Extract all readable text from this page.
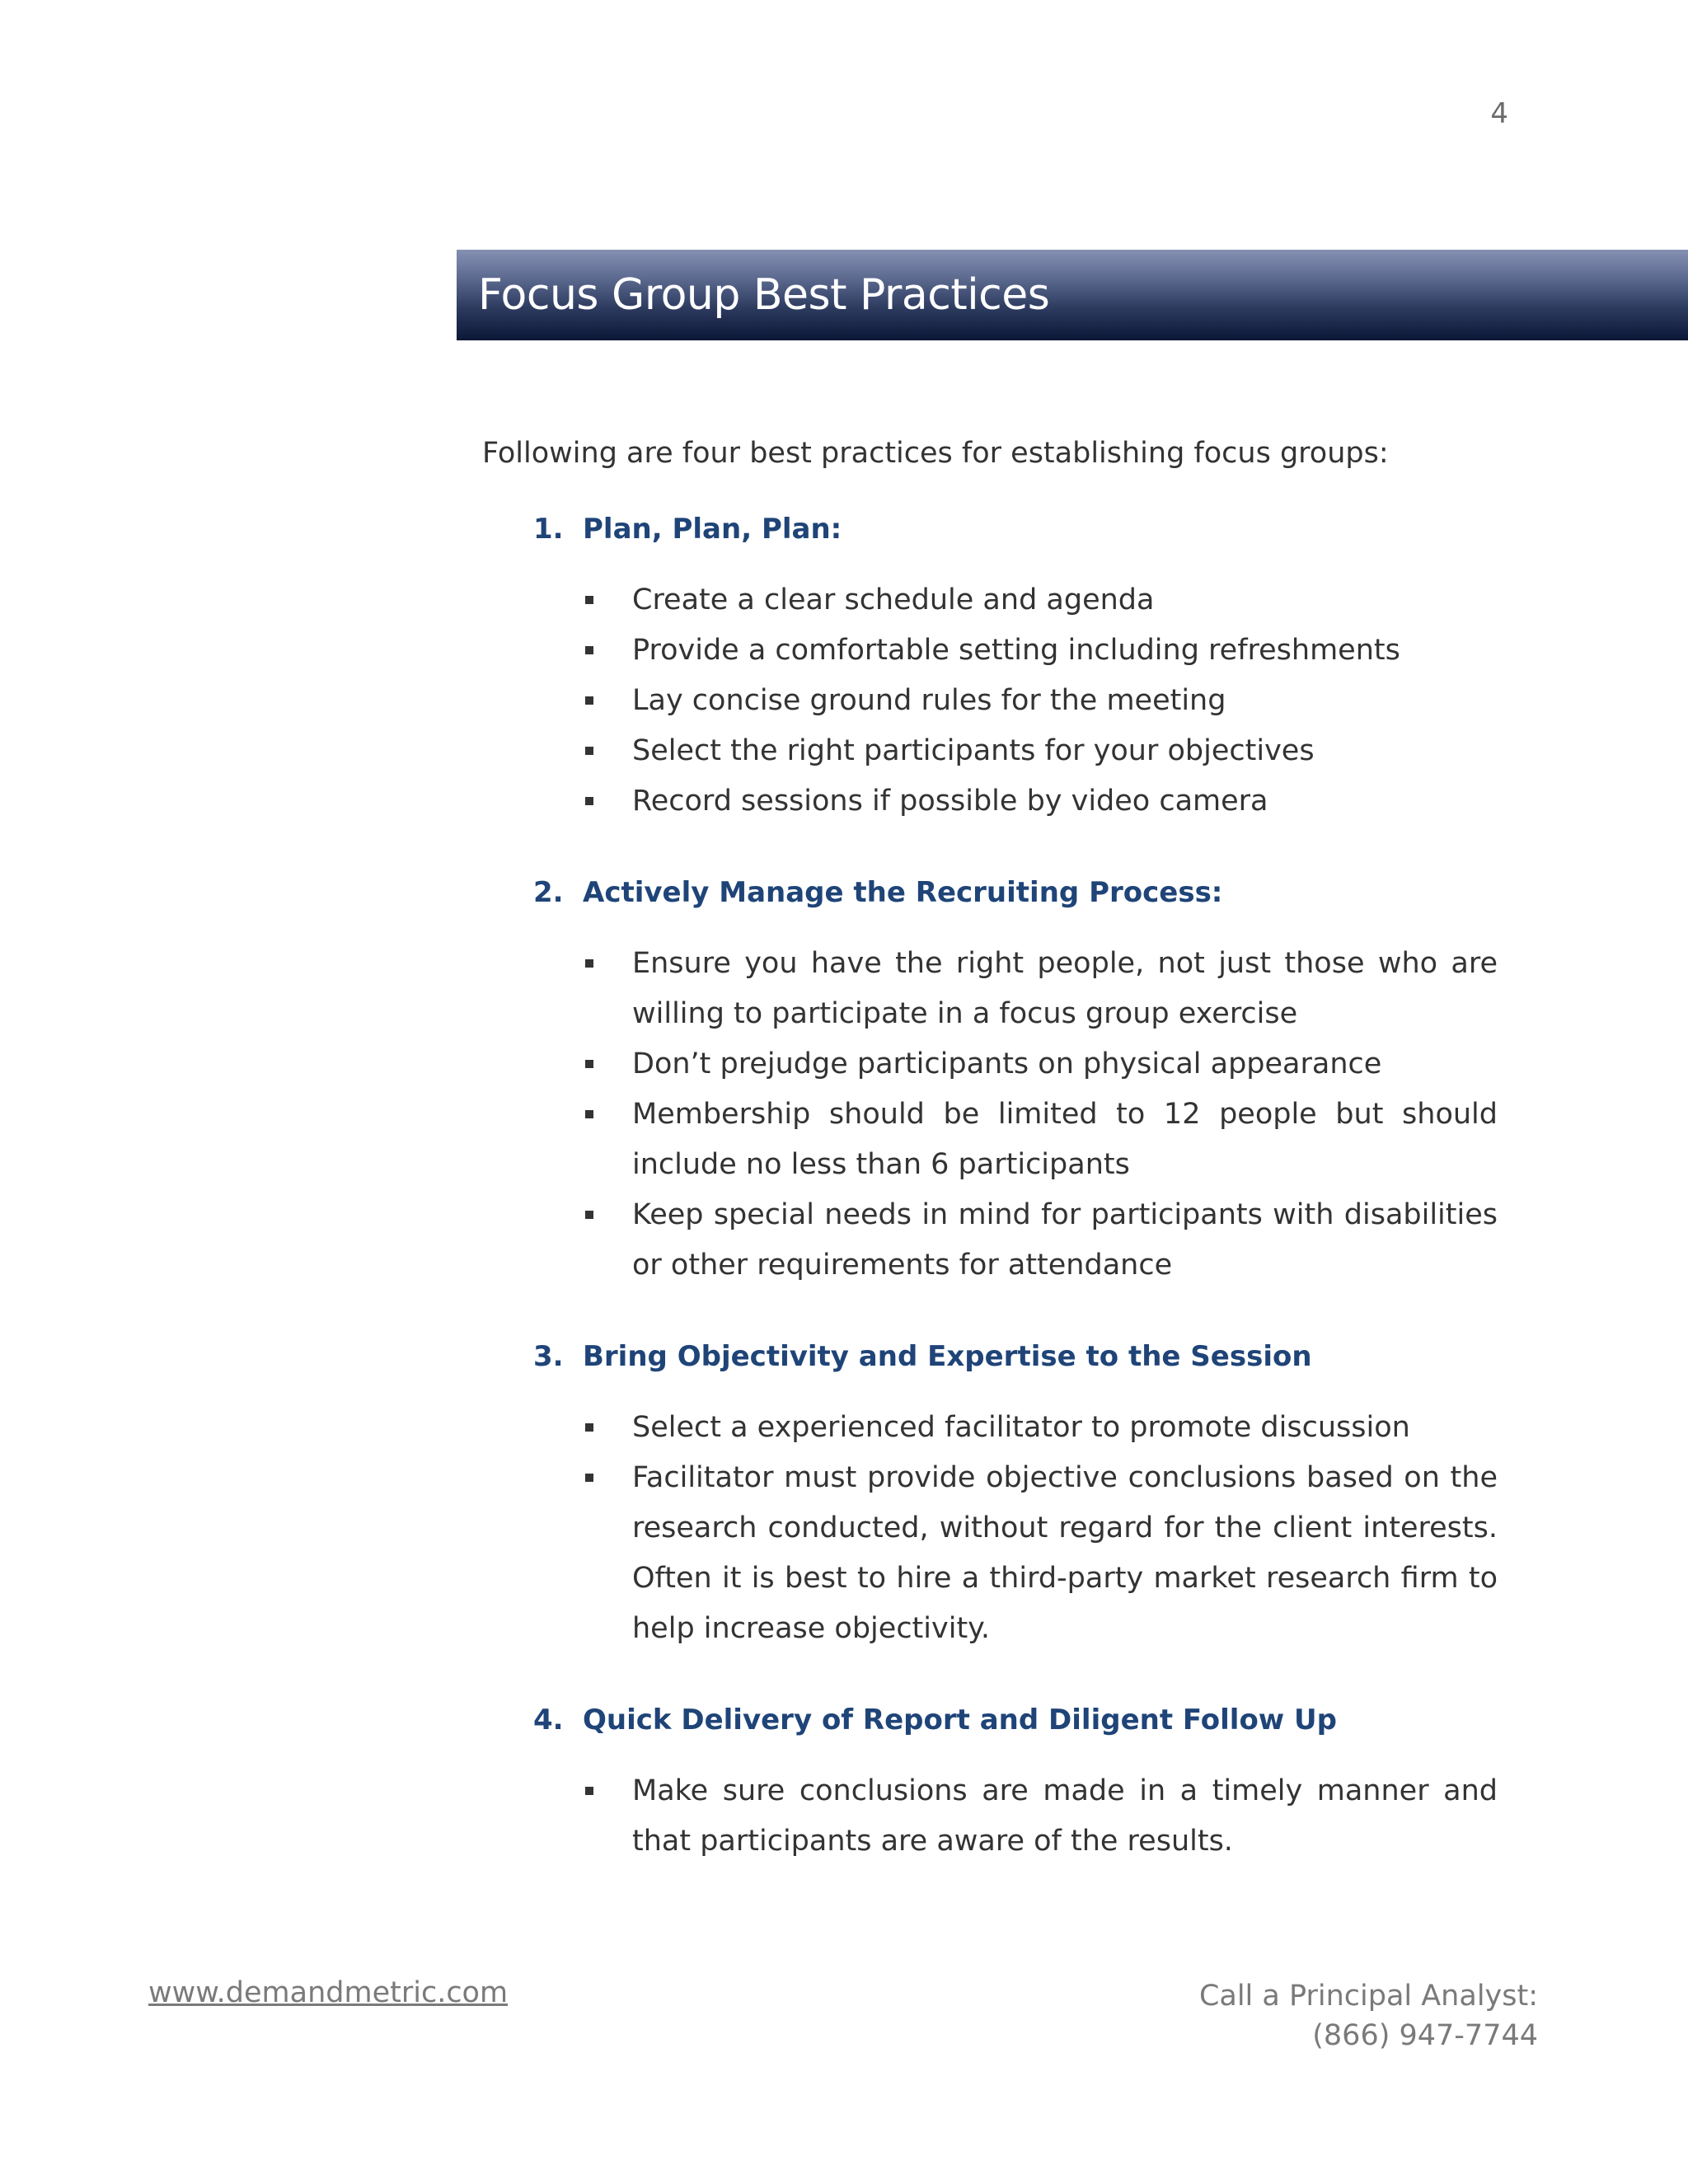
4
Focus Group Best Practices

Following are four best practices for establishing focus groups:

1. Plan, Plan, Plan:
Create a clear schedule and agenda
Provide a comfortable setting including refreshments
Lay concise ground rules for the meeting
Select the right participants for your objectives
Record sessions if possible by video camera
2. Actively Manage the Recruiting Process:
Ensure you have the right people, not just those who are willing to participate in a focus group exercise
Don’t prejudge participants on physical appearance
Membership should be limited to 12 people but should include no less than 6 participants
Keep special needs in mind for participants with disabilities or other requirements for attendance
3. Bring Objectivity and Expertise to the Session
Select a experienced facilitator to promote discussion
Facilitator must provide objective conclusions based on the research conducted, without regard for the client interests. Often it is best to hire a third-party market research firm to help increase objectivity.
4. Quick Delivery of Report and Diligent Follow Up
Make sure conclusions are made in a timely manner and that participants are aware of the results.
www.demandmetric.com	Call a Principal Analyst:
(866) 947-7744
